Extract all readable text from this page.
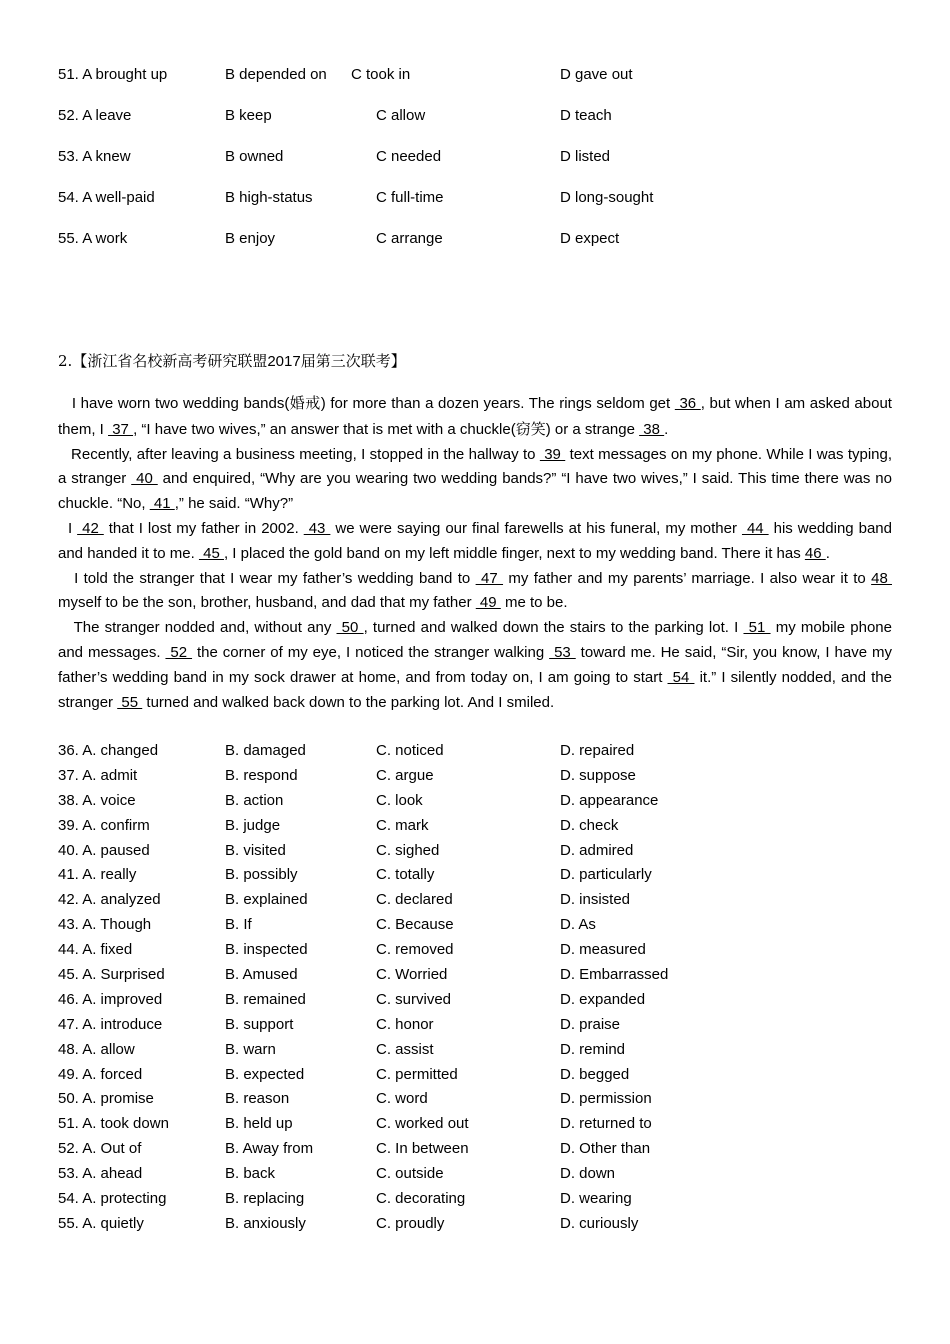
51. A brought up	B depended on C took in	D gave out
52. A leave	B keep	C allow	D teach
53. A knew	B owned	C needed	D listed
54. A well-paid	B high-status	C full-time	D long-sought
55. A work	B enjoy	C arrange	D expect
2.【浙江省名校新高考研究联盟2017届第三次联考】

I have worn two wedding bands(婚戒) for more than a dozen years. The rings seldom get  36 , but when I am asked about them, I  37 , “I have two wives,” an answer that is met with a chuckle(窃笑) or a strange  38 .

Recently, after leaving a business meeting, I stopped in the hallway to  39  text messages on my phone. While I was typing, a stranger  40  and enquired, “Why are you wearing two wedding bands?” “I have two wives,” I said. This time there was no chuckle. “No,  41 ,” he said. “Why?”

I  42  that I lost my father in 2002.  43  we were saying our final farewells at his funeral, my mother  44  his wedding band and handed it to me.  45 , I placed the gold band on my left middle finger, next to my wedding band. There it has 46 .

I told the stranger that I wear my father’s wedding band to  47  my father and my parents’ marriage. I also wear it to 48  myself to be the son, brother, husband, and dad that my father  49  me to be.

The stranger nodded and, without any  50 , turned and walked down the stairs to the parking lot. I  51  my mobile phone and messages.  52  the corner of my eye, I noticed the stranger walking  53  toward me. He said, “Sir, you know, I have my father’s wedding band in my sock drawer at home, and from today on, I am going to start  54  it.” I silently nodded, and the stranger  55  turned and walked back down to the parking lot. And I smiled.

36. A. changed	B. damaged	C. noticed	D. repaired
37. A. admit	B. respond	C. argue	D. suppose
38. A. voice	B. action	C. look	D. appearance
39. A. confirm	B. judge	C. mark	D. check
40. A. paused	B. visited	C. sighed	D. admired
41. A. really	B. possibly	C. totally	D. particularly
42. A. analyzed	B. explained	C. declared	D. insisted
43. A. Though	B. If	C. Because	D. As
44. A. fixed	B. inspected	C. removed	D. measured
45. A. Surprised	B. Amused	C. Worried	D. Embarrassed
46. A. improved	B. remained	C. survived	D. expanded
47. A. introduce	B. support	C. honor	D. praise
48. A. allow	B. warn	C. assist	D. remind
49. A. forced	B. expected	C. permitted	D. begged
50. A. promise	B. reason	C. word	D. permission
51. A. took down	B. held up	C. worked out	D. returned to
52. A. Out of	B. Away from	C. In between	D. Other than
53. A. ahead	B. back	C. outside	D. down
54. A. protecting	B. replacing	C. decorating	D. wearing
55. A. quietly	B. anxiously	C. proudly	D. curiously
